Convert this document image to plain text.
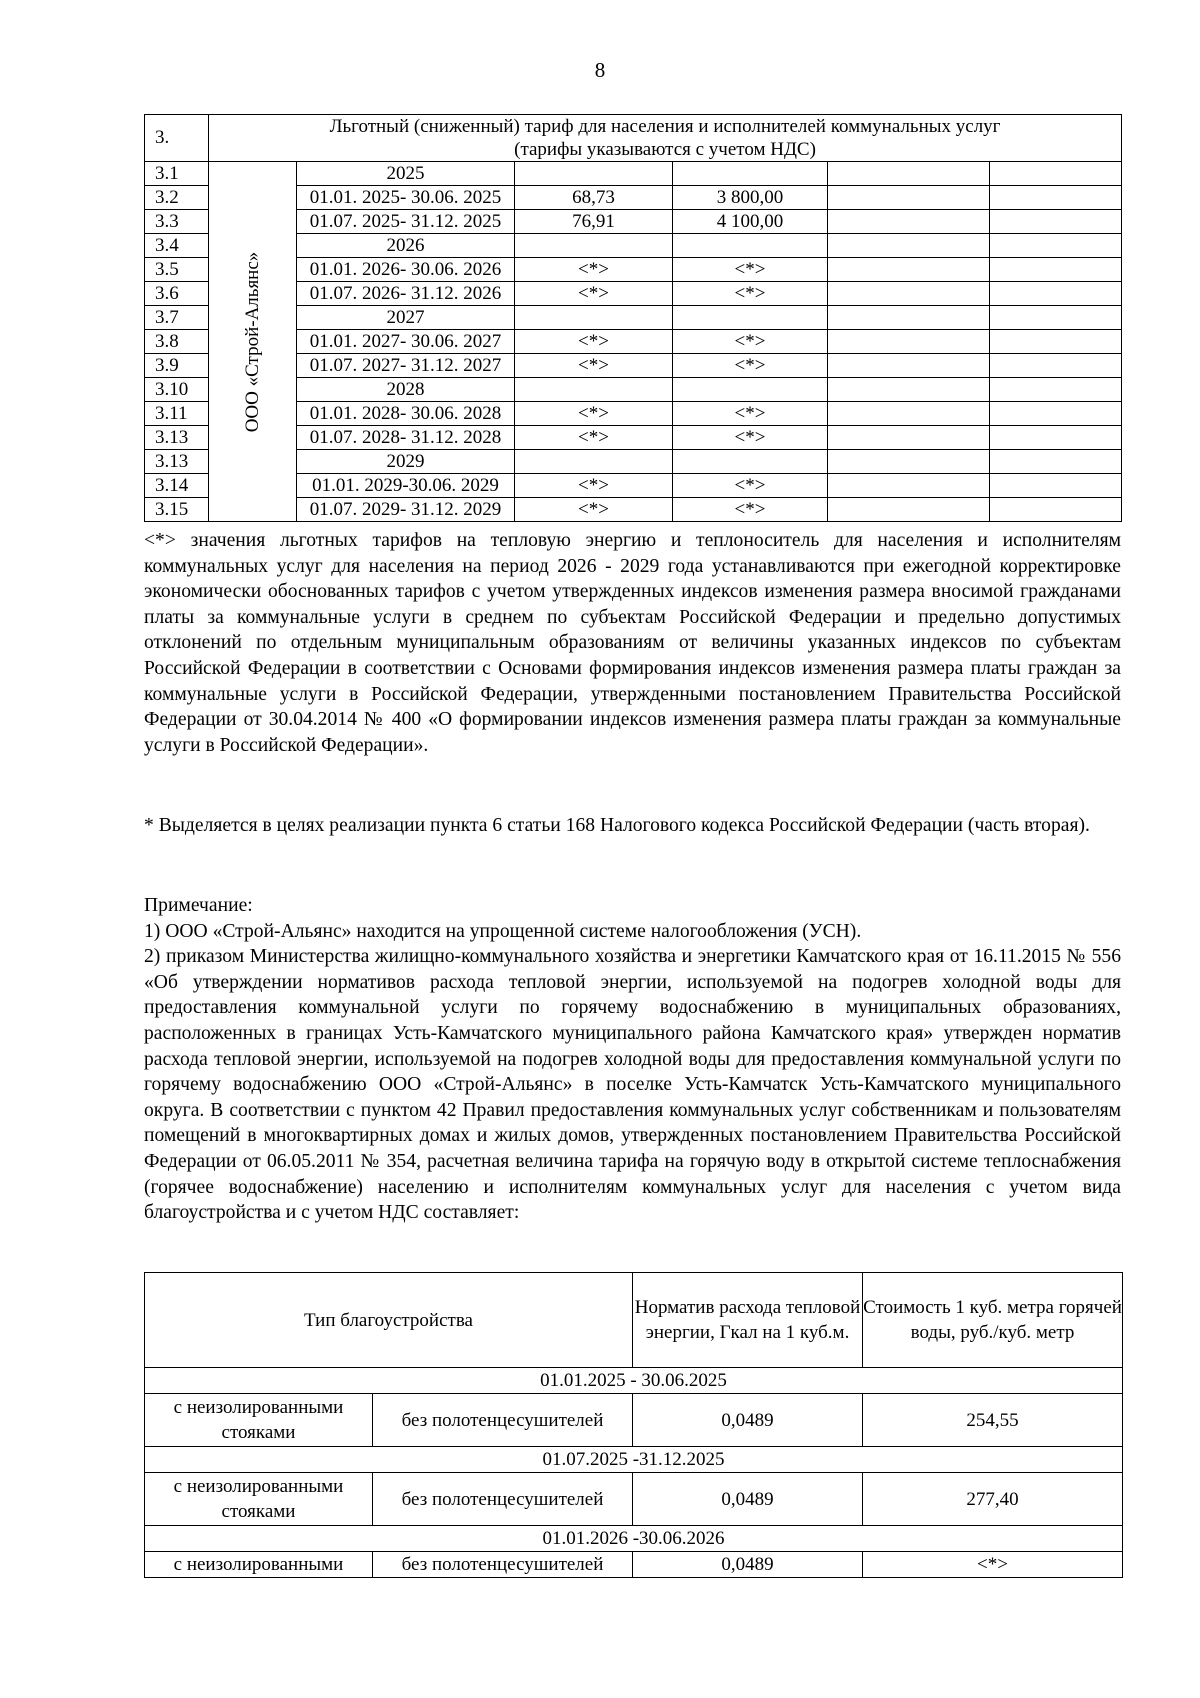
8
3.	Льготный (сниженный) тариф для населения и исполнителей коммунальных услуг
(тарифы указываются с учетом НДС)					

3.1	ООО «Строй-Альянс»	2025				
3.2		01.01. 2025- 30.06. 2025	68,73	3 800,00		
3.3		01.07. 2025- 31.12. 2025	76,91	4 100,00		
3.4		2026				
3.5		01.01. 2026- 30.06. 2026	<*>	<*>		
3.6		01.07. 2026- 31.12. 2026	<*>	<*>		
3.7		2027				
3.8		01.01. 2027- 30.06. 2027	<*>	<*>		
3.9		01.07. 2027- 31.12. 2027	<*>	<*>		
3.10		2028				
3.11		01.01. 2028- 30.06. 2028	<*>	<*>		
3.13		01.07. 2028- 31.12. 2028	<*>	<*>		
3.13		2029				
3.14		01.01. 2029-30.06. 2029	<*>	<*>		
3.15		01.07. 2029- 31.12. 2029	<*>	<*>		

<*> значения льготных тарифов на тепловую энергию и теплоноситель для населения и исполнителям коммунальных услуг для населения на период 2026 - 2029 года устанавливаются при ежегодной корректировке экономически обоснованных тарифов с учетом утвержденных индексов изменения размера вносимой гражданами платы за коммунальные услуги в среднем по субъектам Российской Федерации и предельно допустимых отклонений по отдельным муниципальным образованиям от величины указанных индексов по субъектам Российской Федерации в соответствии с Основами формирования индексов изменения размера платы граждан за коммунальные услуги в Российской Федерации, утвержденными постановлением Правительства Российской Федерации от 30.04.2014 № 400 «О формировании индексов изменения размера платы граждан за коммунальные услуги в Российской Федерации».

* Выделяется в целях реализации пункта 6 статьи 168 Налогового кодекса Российской Федерации (часть вторая).

Примечание:

1) ООО «Строй-Альянс» находится на упрощенной системе налогообложения (УСН).

2) приказом Министерства жилищно-коммунального хозяйства и энергетики Камчатского края от 16.11.2015 № 556 «Об утверждении нормативов расхода тепловой энергии, используемой на подогрев холодной воды для предоставления коммунальной услуги по горячему водоснабжению в муниципальных образованиях, расположенных в границах Усть-Камчатского муниципального района Камчатского края» утвержден норматив расхода тепловой энергии, используемой на подогрев холодной воды для предоставления коммунальной услуги по горячему водоснабжению ООО «Строй-Альянс» в поселке Усть-Камчатск Усть-Камчатского муниципального округа. В соответствии с пунктом 42 Правил предоставления коммунальных услуг собственникам и пользователям помещений в многоквартирных домах и жилых домов, утвержденных постановлением Правительства Российской Федерации от 06.05.2011 № 354, расчетная величина тарифа на горячую воду в открытой системе теплоснабжения (горячее водоснабжение) населению и исполнителям коммунальных услуг для населения с учетом вида благоустройства и с учетом НДС составляет:

Тип благоустройства		Норматив расхода тепловой энергии, Гкал на 1 куб.м.	Стоимость 1 куб. метра горячей воды, руб./куб. метр
01.01.2025 - 30.06.2025			
с неизолированными стояками	без полотенцесушителей	0,0489	254,55
01.07.2025 -31.12.2025			
с неизолированными стояками	без полотенцесушителей	0,0489	277,40
01.01.2026 -30.06.2026			
с неизолированными	без полотенцесушителей	0,0489	<*>
